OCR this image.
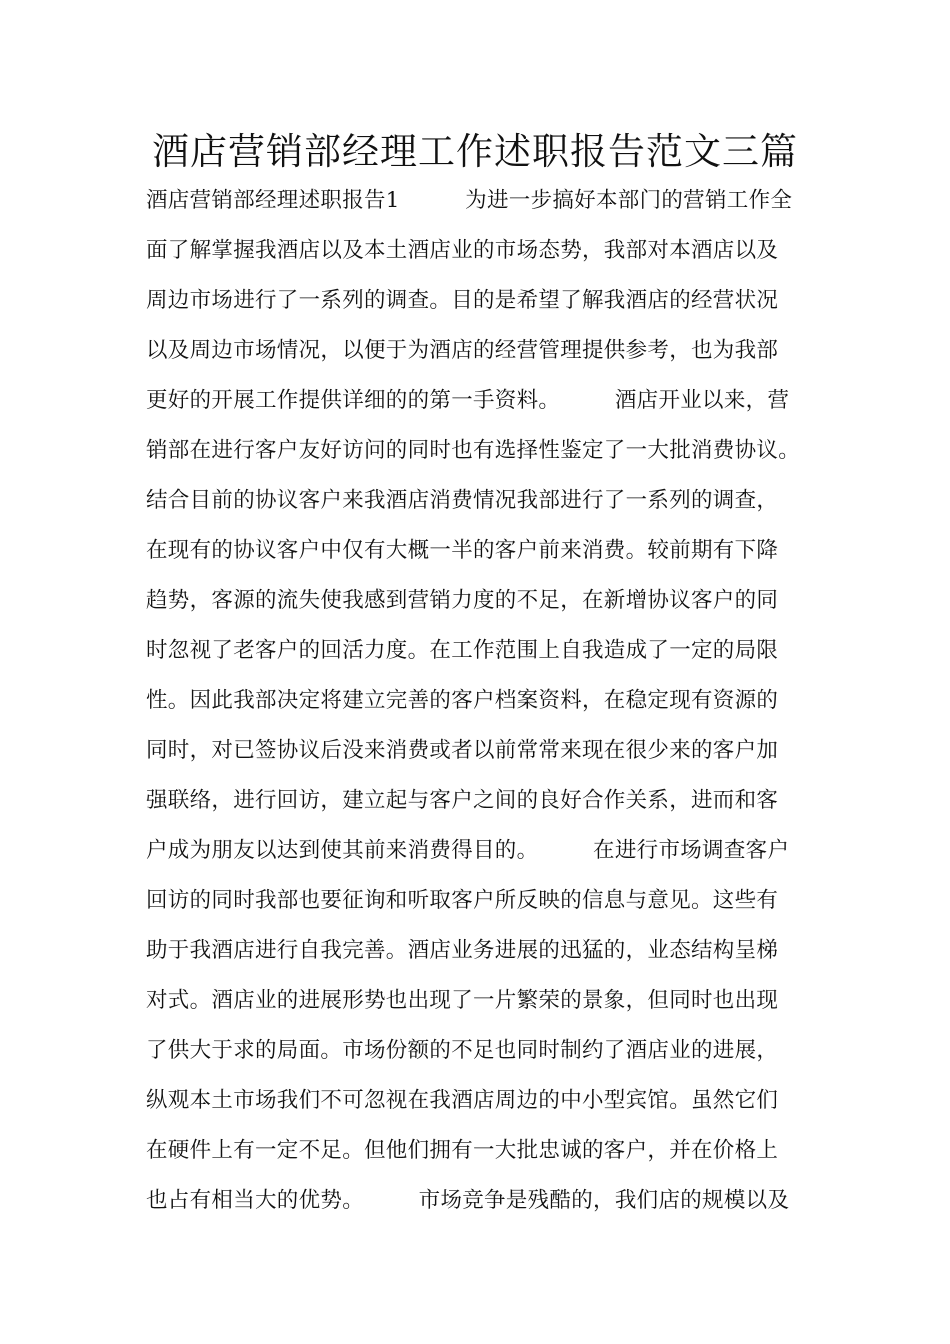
酒店营销部经理工作述职报告范文三篇
酒店营销部经理述职报告1　　　为进一步搞好本部门的营销工作全
面了解掌握我酒店以及本土酒店业的市场态势，我部对本酒店以及
周边市场进行了一系列的调查。目的是希望了解我酒店的经营状况
以及周边市场情况，以便于为酒店的经营管理提供参考，也为我部
更好的开展工作提供详细的的第一手资料。　　　酒店开业以来，营
销部在进行客户友好访问的同时也有选择性鉴定了一大批消费协议。
结合目前的协议客户来我酒店消费情况我部进行了一系列的调查，
在现有的协议客户中仅有大概一半的客户前来消费。较前期有下降
趋势，客源的流失使我感到营销力度的不足，在新增协议客户的同
时忽视了老客户的回活力度。在工作范围上自我造成了一定的局限
性。因此我部决定将建立完善的客户档案资料，在稳定现有资源的
同时，对已签协议后没来消费或者以前常常来现在很少来的客户加
强联络，进行回访，建立起与客户之间的良好合作关系，进而和客
户成为朋友以达到使其前来消费得目的。　　　在进行市场调查客户
回访的同时我部也要征询和听取客户所反映的信息与意见。这些有
助于我酒店进行自我完善。酒店业务进展的迅猛的，业态结构呈梯
对式。酒店业的进展形势也出现了一片繁荣的景象，但同时也出现
了供大于求的局面。市场份额的不足也同时制约了酒店业的进展，
纵观本土市场我们不可忽视在我酒店周边的中小型宾馆。虽然它们
在硬件上有一定不足。但他们拥有一大批忠诚的客户，并在价格上
也占有相当大的优势。　　　市场竞争是残酷的，我们店的规模以及
